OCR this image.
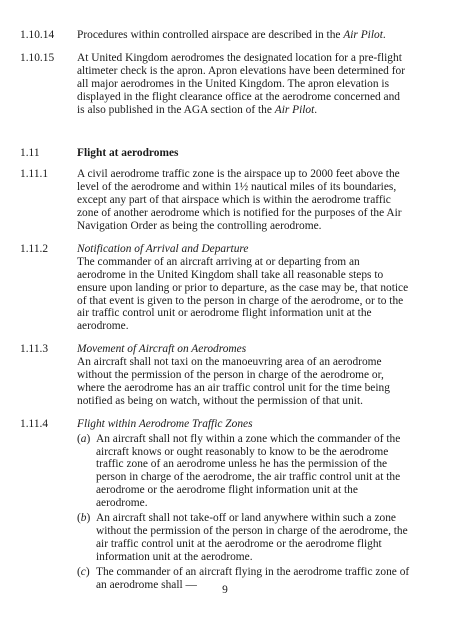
1.10.14	Procedures within controlled airspace are described in the Air Pilot.
1.10.15	At United Kingdom aerodromes the designated location for a pre-flight altimeter check is the apron. Apron elevations have been determined for all major aerodromes in the United Kingdom. The apron elevation is displayed in the flight clearance office at the aerodrome concerned and is also published in the AGA section of the Air Pilot.
1.11	Flight at aerodromes
1.11.1	A civil aerodrome traffic zone is the airspace up to 2000 feet above the level of the aerodrome and within 1½ nautical miles of its boundaries, except any part of that airspace which is within the aerodrome traffic zone of another aerodrome which is notified for the purposes of the Air Navigation Order as being the controlling aerodrome.
1.11.2	Notification of Arrival and Departure
The commander of an aircraft arriving at or departing from an aerodrome in the United Kingdom shall take all reasonable steps to ensure upon landing or prior to departure, as the case may be, that notice of that event is given to the person in charge of the aerodrome, or to the air traffic control unit or aerodrome flight information unit at the aerodrome.
1.11.3	Movement of Aircraft on Aerodromes
An aircraft shall not taxi on the manoeuvring area of an aerodrome without the permission of the person in charge of the aerodrome or, where the aerodrome has an air traffic control unit for the time being notified as being on watch, without the permission of that unit.
1.11.4	Flight within Aerodrome Traffic Zones
(a) An aircraft shall not fly within a zone which the commander of the aircraft knows or ought reasonably to know to be the aerodrome traffic zone of an aerodrome unless he has the permission of the person in charge of the aerodrome, the air traffic control unit at the aerodrome or the aerodrome flight information unit at the aerodrome.
(b) An aircraft shall not take-off or land anywhere within such a zone without the permission of the person in charge of the aerodrome, the air traffic control unit at the aerodrome or the aerodrome flight information unit at the aerodrome.
(c) The commander of an aircraft flying in the aerodrome traffic zone of an aerodrome shall —	9
